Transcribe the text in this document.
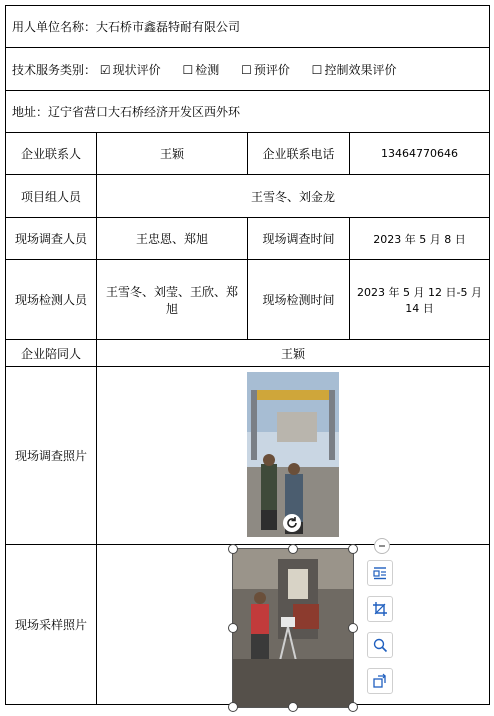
用人单位名称：大石桥市鑫磊特耐有限公司			
技术服务类别： ☑ 现状评价 ☐ 检测 ☐ 预评价 ☐ 控制效果评价			
地址：辽宁省营口大石桥经济开发区西外环			
企业联系人	王颖	企业联系电话	13464770646
项目组人员	王雪冬、刘金龙		
现场调查人员	王忠恩、郑旭	现场调查时间	2023 年 5 月 8 日
现场检测人员	王雪冬、刘莹、王欣、郑旭	现场检测时间	2023 年 5 月 12 日-5 月 14 日
企业陪同人	王颖		
现场调查照片	
现场采样照片			
